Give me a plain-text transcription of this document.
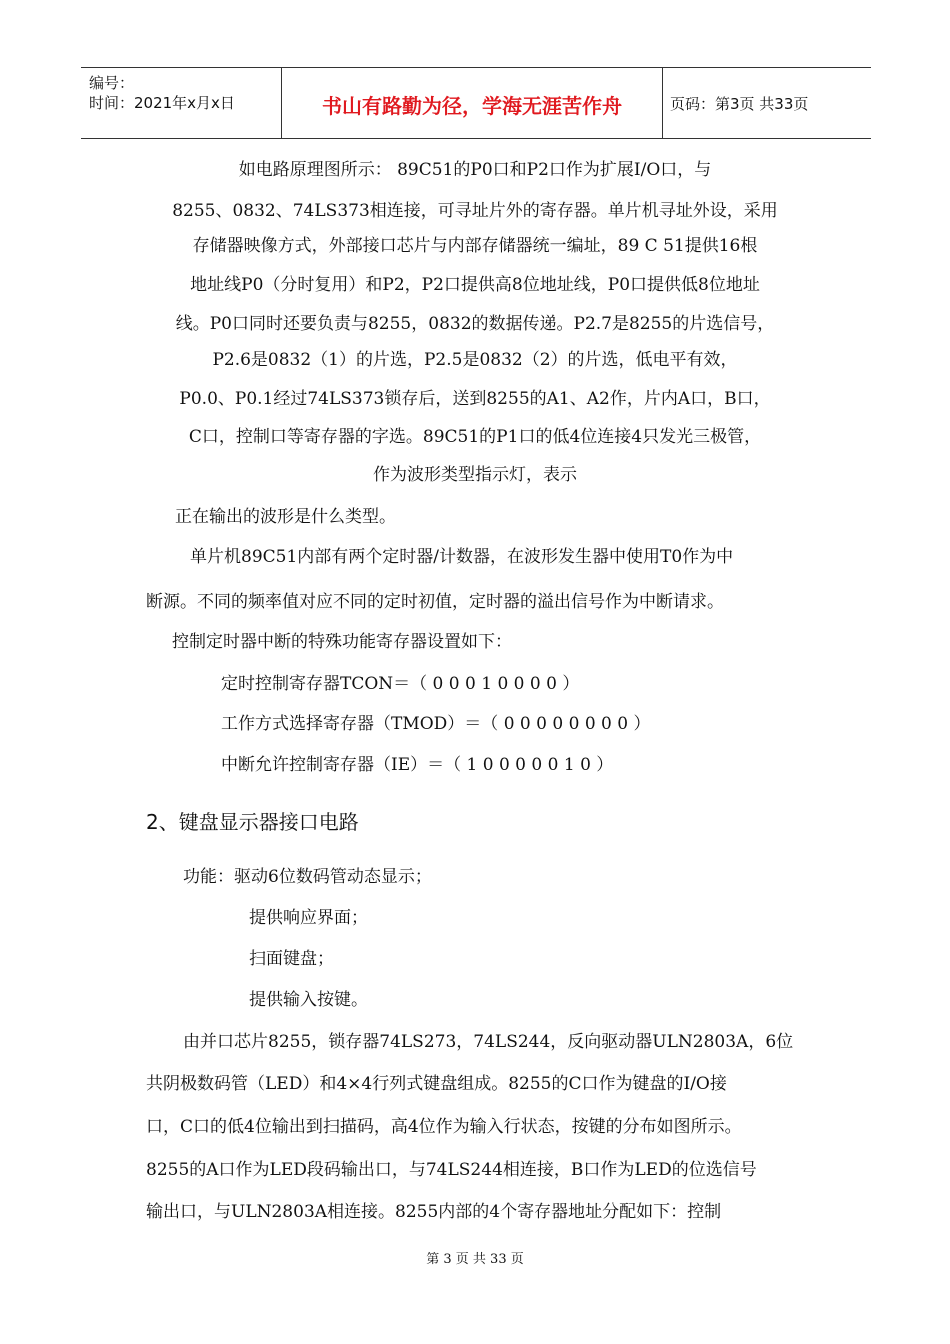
编号：
时间：2021年x月x日	书山有路勤为径，学海无涯苦作舟	页码：第3页 共33页
如电路原理图所示： 89C51的P0口和P2口作为扩展I/O口，与
8255、0832、74LS373相连接，可寻址片外的寄存器。单片机寻址外设，采用
存储器映像方式，外部接口芯片与内部存储器统一编址，89 C 51提供16根
地址线P0（分时复用）和P2，P2口提供高8位地址线，P0口提供低8位地址
线。P0口同时还要负责与8255，0832的数据传递。P2.7是8255的片选信号，
P2.6是0832（1）的片选，P2.5是0832（2）的片选，低电平有效，
P0.0、P0.1经过74LS373锁存后，送到8255的A1、A2作，片内A口，B口，
C口，控制口等寄存器的字选。89C51的P1口的低4位连接4只发光三极管，
作为波形类型指示灯，表示
正在输出的波形是什么类型。
单片机89C51内部有两个定时器/计数器，在波形发生器中使用T0作为中
断源。不同的频率值对应不同的定时初值，定时器的溢出信号作为中断请求。
控制定时器中断的特殊功能寄存器设置如下：
定时控制寄存器TCON＝（ 0 0 0 1 0 0 0 0 ）
工作方式选择寄存器（TMOD）＝（ 0 0 0 0 0 0 0 0 ）
中断允许控制寄存器（IE）＝（ 1 0 0 0 0 0 1 0 ）
2、键盘显示器接口电路
功能：驱动6位数码管动态显示；
提供响应界面；
扫面键盘；
提供输入按键。
由并口芯片8255，锁存器74LS273，74LS244，反向驱动器ULN2803A，6位
共阴极数码管（LED）和4×4行列式键盘组成。8255的C口作为键盘的I/O接
口，C口的低4位输出到扫描码，高4位作为输入行状态，按键的分布如图所示。
8255的A口作为LED段码输出口，与74LS244相连接，B口作为LED的位选信号
输出口，与ULN2803A相连接。8255内部的4个寄存器地址分配如下：控制
第 3 页 共 33 页
